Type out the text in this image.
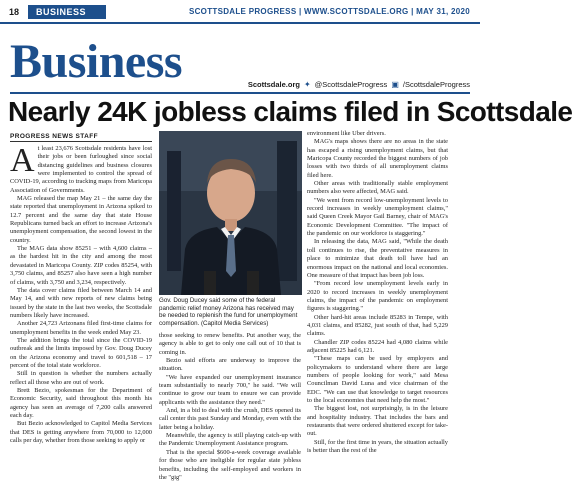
18	BUSINESS	SCOTTSDALE PROGRESS | WWW.SCOTTSDALE.ORG | MAY 31, 2020
Business	Scottsdale.org ✦ @ScottsdaleProgress ▣ /ScottsdaleProgress
Nearly 24K jobless claims filed in Scottsdale
PROGRESS NEWS STAFF

At least 23,676 Scottsdale residents have lost their jobs or been furloughed since social distancing guidelines and business closures were implemented to control the spread of COVID-19, according to tracking maps from Maricopa Association of Governments.

MAG released the map May 21 – the same day the state reported that unemployment in Arizona spiked to 12.7 percent and the same day that state House Republicans turned back an effort to increase Arizona's unemployment compensation, the second lowest in the country.

The MAG data show 85251 – with 4,600 claims – as the hardest hit in the city and among the most devastated in Maricopa County. ZIP codes 85254, with 3,750 claims, and 85257 also have seen a high number of claims, with 3,750 and 3,234, respectively.

The data cover claims filed between March 14 and May 14, and with new reports of new claims being issued by the state in the last two weeks, the Scottsdale numbers likely have increased.

Another 24,723 Arizonans filed first-time claims for unemployment benefits in the week ended May 23.

The addition brings the total since the COVID-19 outbreak and the limits imposed by Gov. Doug Ducey on the Arizona economy and travel to 601,518 – 17 percent of the total state workforce.

Still in question is whether the numbers actually reflect all those who are out of work.

Brett Bezio, spokesman for the Department of Economic Security, said throughout this month his agency has seen an average of 7,200 calls answered each day.

But Bezio acknowledged to Capitol Media Services that DES is getting anywhere from 70,000 to 12,000 calls per day, whether from those seeking to apply or

Gov. Doug Ducey said some of the federal pandemic relief money Arizona has received may be needed to replenish the fund for unemployment compensation. (Capitol Media Services)

those seeking to renew benefits. Put another way, the agency is able to get to only one call out of 10 that is coming in.

Bezio said efforts are underway to improve the situation.

"We have expanded our unemployment insurance team substantially to nearly 700," he said. "We will continue to grow our team to ensure we can provide applicants with the assistance they need."

And, in a bid to deal with the crush, DES opened its call center this past Sunday and Monday, even with the latter being a holiday.

Meanwhile, the agency is still playing catch-up with the Pandemic Unemployment Assistance program.

That is the special $600-a-week coverage available for those who are ineligible for regular state jobless benefits, including the self-employed and workers in the "gig"

environment like Uber drivers.

MAG's maps shows there are no areas in the state has escaped a rising unemployment claims, but that Maricopa County recorded the biggest numbers of job losses with two thirds of all unemployment claims filed here.

Other areas with traditionally stable employment numbers also were affected, MAG said.

"We went from record low-unemployment levels to record increases in weekly unemployment claims," said Queen Creek Mayor Gail Barney, chair of MAG's Economic Development Committee. "The impact of the pandemic on our workforce is staggering."

In releasing the data, MAG said, "While the death toll continues to rise, the preventative measures in place to minimize that death toll have had an enormous impact on the national and local economies. One measure of that impact has been job loss.

"From record low unemployment levels early in 2020 to record increases in weekly unemployment claims, the impact of the pandemic on employment figures is staggering."

Other hard-hit areas include 85283 in Tempe, with 4,031 claims, and 85282, just south of that, had 5,229 claims.

Chandler ZIP codes 85224 had 4,080 claims while adjacent 85225 had 6,121.

"These maps can be used by employers and policymakers to understand where there are large numbers of people looking for work," said Mesa Councilman David Luna and vice chairman of the EDC. "We can use that knowledge to target resources to the local economies that need help the most."

The biggest lost, not surprisingly, is in the leisure and hospitality industry. That includes the bars and restaurants that were ordered shuttered except for take-out.

Still, for the first time in years, the situation actually is better than the rest of the
